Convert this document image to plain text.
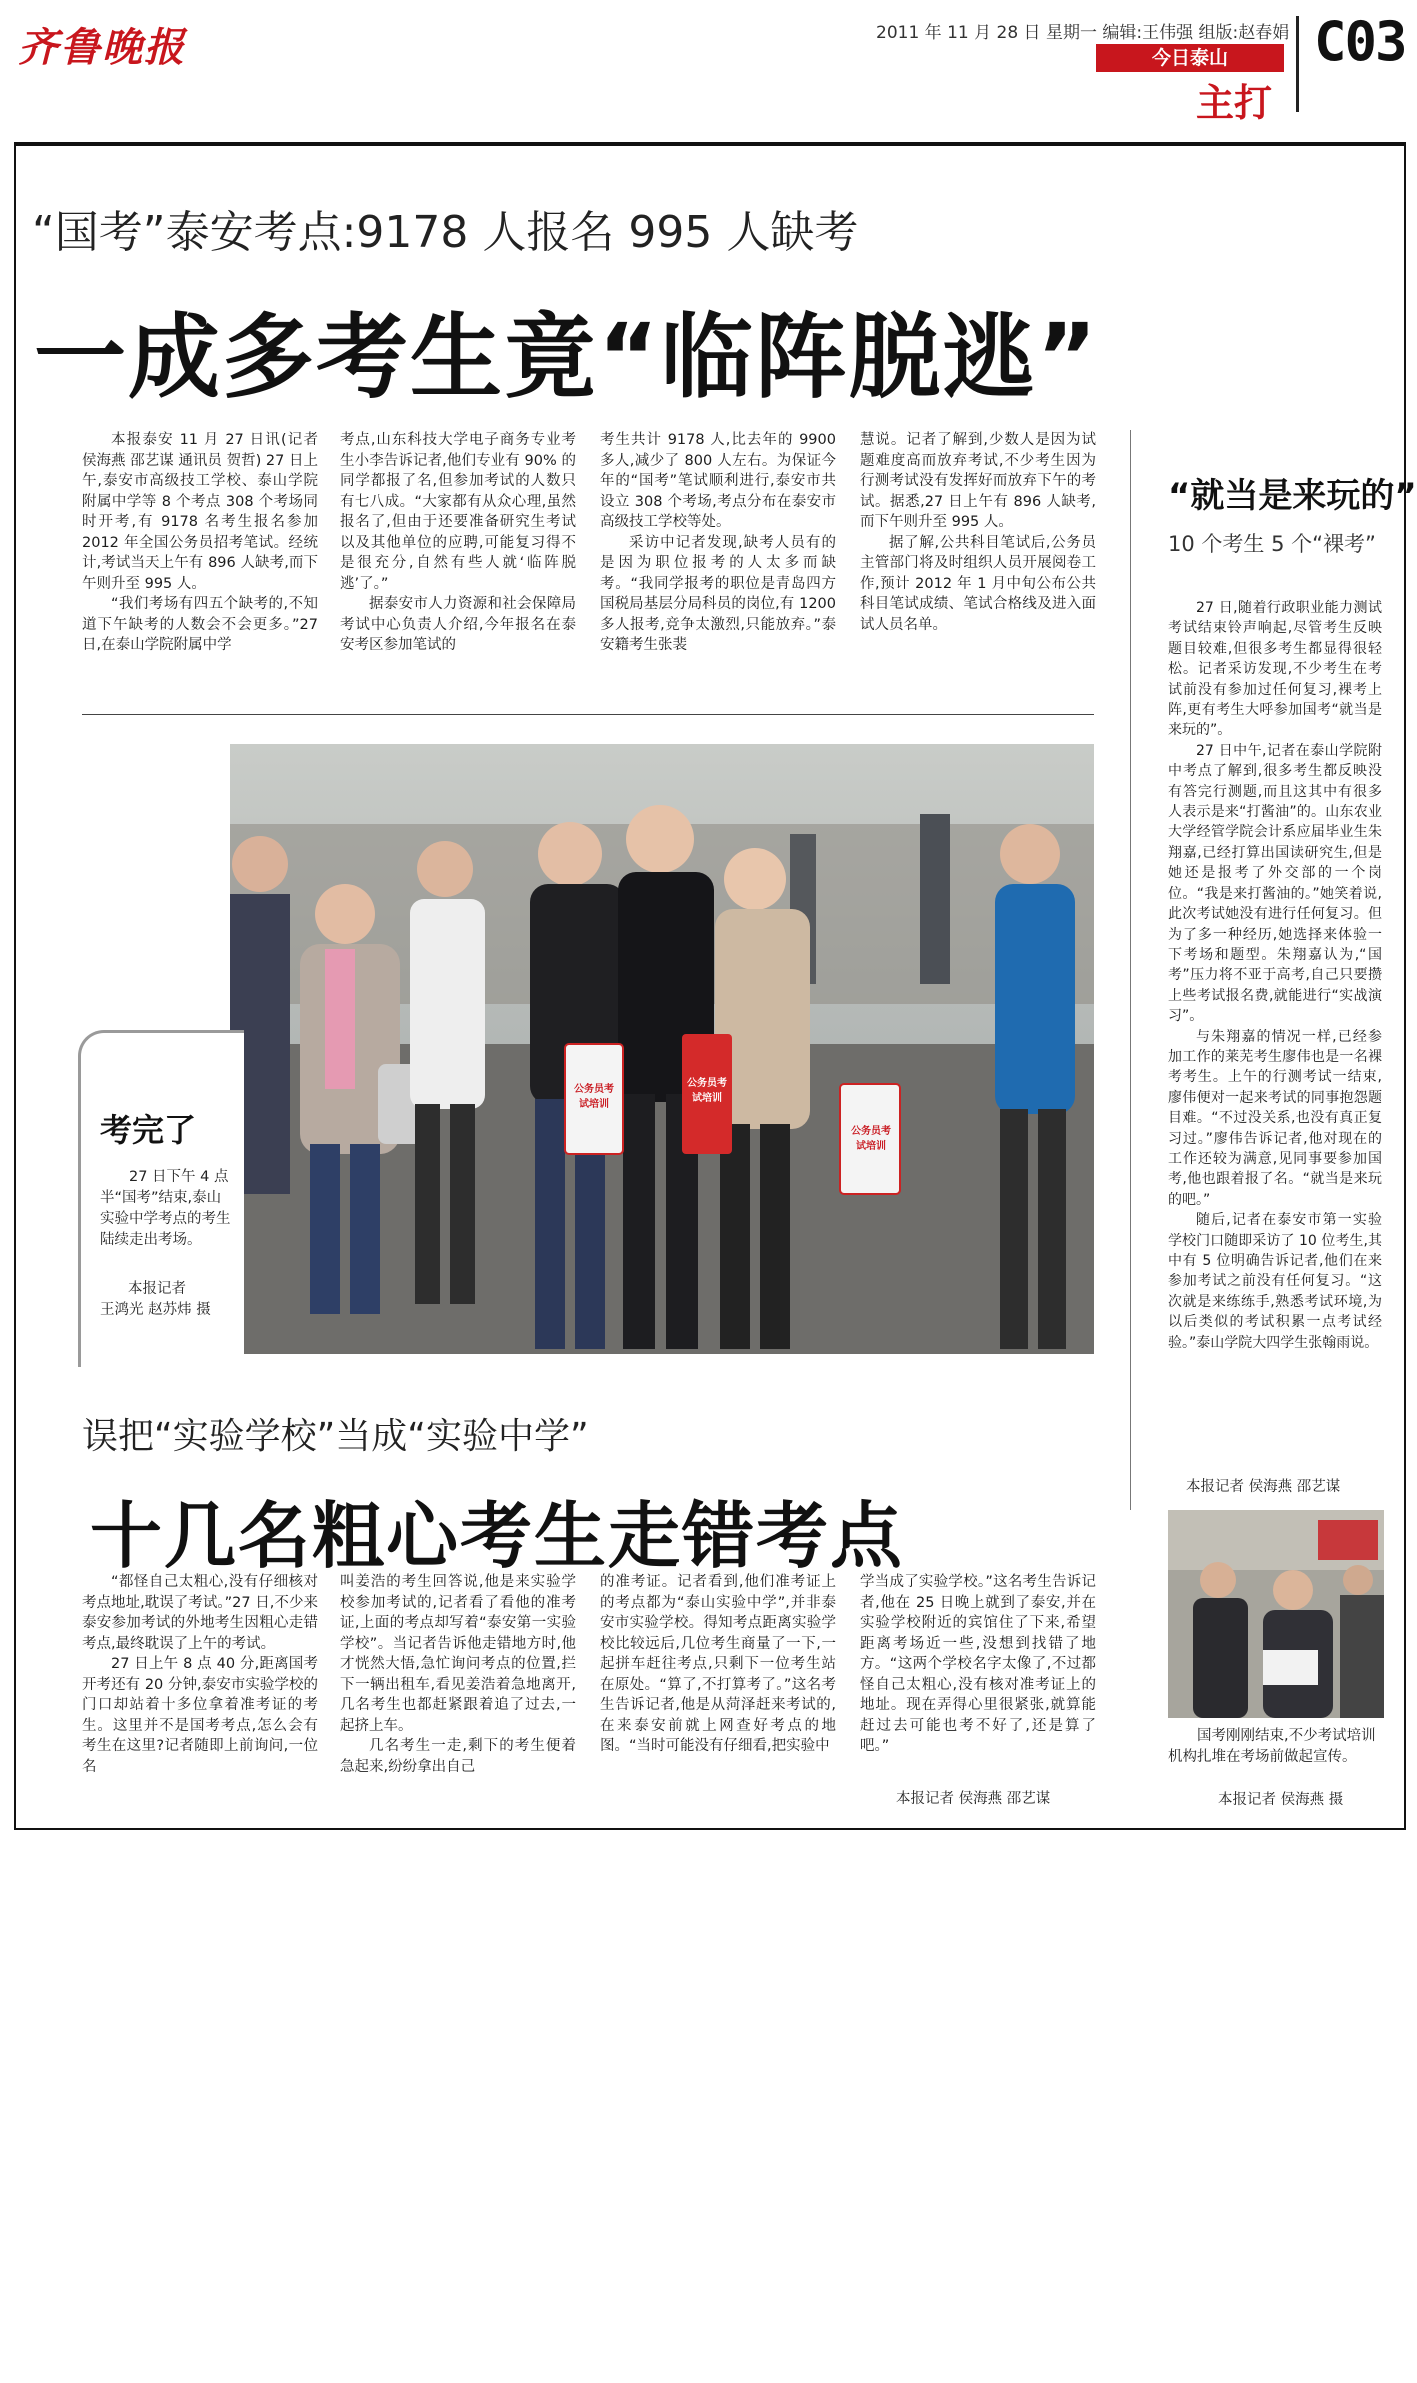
齐鲁晚报	2011 年 11 月 28 日 星期一 编辑:王伟强 组版:赵春娟
今日泰山
主打
C03
“国考”泰安考点:9178 人报名 995 人缺考
一成多考生竟“临阵脱逃”

本报泰安 11 月 27 日讯(记者 侯海燕 邵艺谋 通讯员 贺哲) 27 日上午,泰安市高级技工学校、泰山学院附属中学等 8 个考点 308 个考场同时开考,有 9178 名考生报名参加 2012 年全国公务员招考笔试。经统计,考试当天上午有 896 人缺考,而下午则升至 995 人。

“我们考场有四五个缺考的,不知道下午缺考的人数会不会更多。”27 日,在泰山学院附属中学

考点,山东科技大学电子商务专业考生小李告诉记者,他们专业有 90% 的同学都报了名,但参加考试的人数只有七八成。“大家都有从众心理,虽然报名了,但由于还要准备研究生考试以及其他单位的应聘,可能复习得不是很充分,自然有些人就‘临阵脱逃’了。”

据泰安市人力资源和社会保障局考试中心负责人介绍,今年报名在泰安考区参加笔试的

考生共计 9178 人,比去年的 9900 多人,减少了 800 人左右。为保证今年的“国考”笔试顺利进行,泰安市共设立 308 个考场,考点分布在泰安市高级技工学校等处。

采访中记者发现,缺考人员有的是因为职位报考的人太多而缺考。“我同学报考的职位是青岛四方国税局基层分局科员的岗位,有 1200 多人报考,竞争太激烈,只能放弃。”泰安籍考生张裴

慧说。记者了解到,少数人是因为试题难度高而放弃考试,不少考生因为行测考试没有发挥好而放弃下午的考试。据悉,27 日上午有 896 人缺考,而下午则升至 995 人。

据了解,公共科目笔试后,公务员主管部门将及时组织人员开展阅卷工作,预计 2012 年 1 月中旬公布公共科目笔试成绩、笔试合格线及进入面试人员名单。

公务员考试培训
公务员考试培训
公务员考试培训
考完了
27 日下午 4 点半“国考”结束,泰山实验中学考点的考生陆续走出考场。
本报记者
王鸿光 赵苏炜 摄
误把“实验学校”当成“实验中学”
十几名粗心考生走错考点

“都怪自己太粗心,没有仔细核对考点地址,耽误了考试。”27 日,不少来泰安参加考试的外地考生因粗心走错考点,最终耽误了上午的考试。

27 日上午 8 点 40 分,距离国考开考还有 20 分钟,泰安市实验学校的门口却站着十多位拿着准考证的考生。这里并不是国考考点,怎么会有考生在这里?记者随即上前询问,一位名

叫姜浩的考生回答说,他是来实验学校参加考试的,记者看了看他的准考证,上面的考点却写着“泰安第一实验学校”。当记者告诉他走错地方时,他才恍然大悟,急忙询问考点的位置,拦下一辆出租车,看见姜浩着急地离开,几名考生也都赶紧跟着追了过去,一起挤上车。

几名考生一走,剩下的考生便着急起来,纷纷拿出自己

的准考证。记者看到,他们准考证上的考点都为“泰山实验中学”,并非泰安市实验学校。得知考点距离实验学校比较远后,几位考生商量了一下,一起拼车赶往考点,只剩下一位考生站在原处。“算了,不打算考了。”这名考生告诉记者,他是从菏泽赶来考试的,在来泰安前就上网查好考点的地图。“当时可能没有仔细看,把实验中

学当成了实验学校。”这名考生告诉记者,他在 25 日晚上就到了泰安,并在实验学校附近的宾馆住了下来,希望距离考场近一些,没想到找错了地方。“这两个学校名字太像了,不过都怪自己太粗心,没有核对准考证上的地址。现在弄得心里很紧张,就算能赶过去可能也考不好了,还是算了吧。”

本报记者 侯海燕 邵艺谋
“就当是来玩的”
10 个考生 5 个“裸考”

27 日,随着行政职业能力测试考试结束铃声响起,尽管考生反映题目较难,但很多考生都显得很轻松。记者采访发现,不少考生在考试前没有参加过任何复习,裸考上阵,更有考生大呼参加国考“就当是来玩的”。

27 日中午,记者在泰山学院附中考点了解到,很多考生都反映没有答完行测题,而且这其中有很多人表示是来“打酱油”的。山东农业大学经管学院会计系应届毕业生朱翔嘉,已经打算出国读研究生,但是她还是报考了外交部的一个岗位。“我是来打酱油的。”她笑着说,此次考试她没有进行任何复习。但为了多一种经历,她选择来体验一下考场和题型。朱翔嘉认为,“国考”压力将不亚于高考,自己只要攒上些考试报名费,就能进行“实战演习”。

与朱翔嘉的情况一样,已经参加工作的莱芜考生廖伟也是一名裸考考生。上午的行测考试一结束,廖伟便对一起来考试的同事抱怨题目难。“不过没关系,也没有真正复习过。”廖伟告诉记者,他对现在的工作还较为满意,见同事要参加国考,他也跟着报了名。“就当是来玩的吧。”

随后,记者在泰安市第一实验学校门口随即采访了 10 位考生,其中有 5 位明确告诉记者,他们在来参加考试之前没有任何复习。“这次就是来练练手,熟悉考试环境,为以后类似的考试积累一点考试经验。”泰山学院大四学生张翰雨说。

本报记者 侯海燕 邵艺谋
国考刚刚结束,不少考试培训机构扎堆在考场前做起宣传。
本报记者 侯海燕 摄
